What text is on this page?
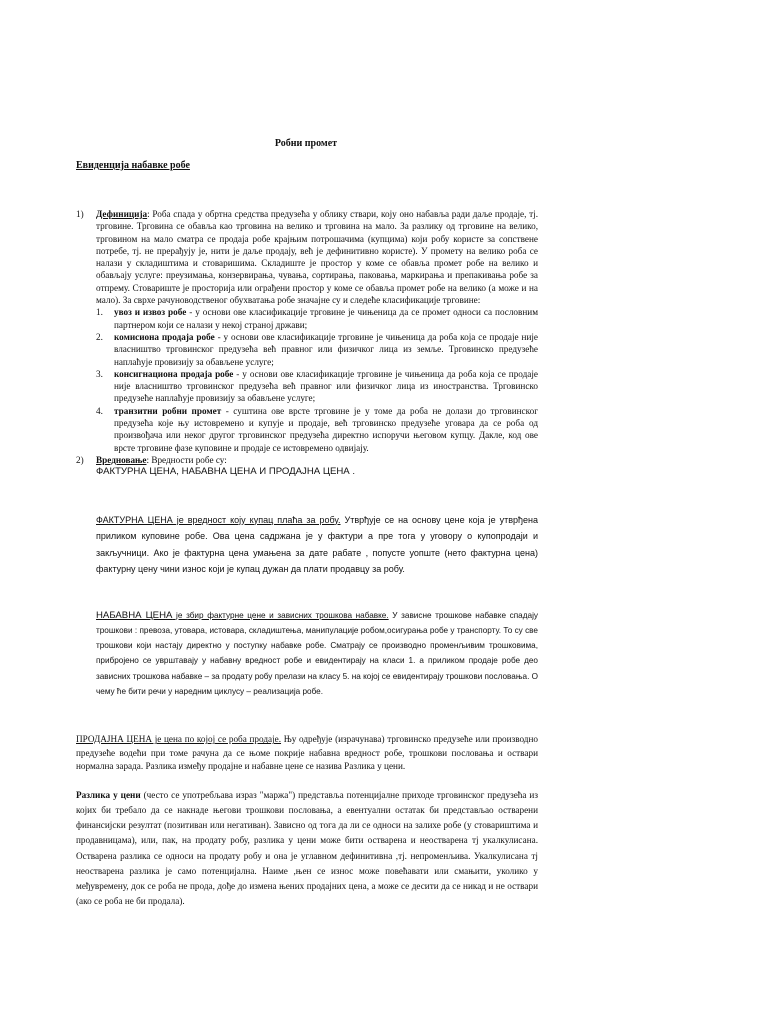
Робни промет
Евиденција набавке робе
1) Дефиниција: Роба спада у обртна средства предузећа у облику ствари, коју оно набавља ради даље продаје, тј. трговине. Трговина се обавља као трговина на велико и трговина на мало. За разлику од трговине на велико, трговином на мало сматра се продаја робе крајњим потрошачима (купцима) који робу користе за сопствене потребе, тј. не прерађују је, нити је даље продају, већ је дефинитивно користе). У промету на велико роба се налази у складиштима и стоваришима. Складиште је простор у коме се обавља промет робе на велико и обављају услуге: преузимања, конзервирања, чувања, сортирања, паковања, маркирања и препакивања робе за отпрему. Стовариште је просторија или ограђени простор у коме се обавља промет робе на велико (а може и на мало). За сврхе рачуноводственог обухватања робе значајне су и следеће класификације трговине:
1. увоз и извоз робе - у основи ове класификације трговине је чињеница да се промет односи са пословним партнером који се налази у некој страној држави;
2. комисиона продаја робе - у основи ове класификације трговине је чињеница да роба која се продаје није власништво трговинског предузећа већ правног или физичког лица из земље. Трговинско предузеће наплаћује провизију за обављене услуге;
3. консигнациона продаја робе - у основи ове класификације трговине је чињеница да роба која се продаје није власништво трговинског предузећа већ правног или физичког лица из иностранства. Трговинско предузеће наплаћује провизију за обављене услуге;
4. транзитни робни промет - суштина ове врсте трговине је у томе да роба не долази до трговинског предузећа које њу истовремено и купује и продаје, већ трговинско предузеће уговара да се роба од произвођача или неког другог трговинског предузећа директно испоручи његовом купцу. Дакле, код ове врсте трговине фазе куповине и продаје се истовремено одвијају.
2) Вредновање: Вредности робе су:
ФАКТУРНА ЦЕНА, НАБАВНА ЦЕНА И ПРОДАЈНА ЦЕНА .

ФАКТУРНА ЦЕНА је вредност коју купац плаћа за робу. Утврђује се на основу цене која је утврђена приликом куповине робе. Ова цена садржана је у фактури а пре тога у уговору о купопродаји и закључници. Ако је фактурна цена умањена за дате рабате , попусте уопште (нето фактурна цена) фактурну цену чини износ који је купац дужан да плати продавцу за робу.

НАБАВНА ЦЕНА је збир фактурне цене и зависних трошкова набавке. У зависне трошкове набавке спадају трошкови : превоза, утовара, истовара, складиштења, манипулације робом,осигурања робе у транспорту. То су све трошкови који настају директно у поступку набавке робе. Сматрају се производно променљивим трошковима, прибројено се уврштавају у набавну вредност робе и евидентирају на класи 1. а приликом продаје робе део зависних трошкова набавке – за продату робу прелази на класу 5. на којој се евидентирају трошкови пословања. О чему ће бити речи у наредним циклусу – реализација робе.

ПРОДАЈНА ЦЕНА је цена по којој се роба продаје. Њу одређује (израчунава) трговинско предузеће или производно предузеће водећи при томе рачуна да се њоме покрије набавна вредност робе, трошкови пословања и оствари нормална зарада. Разлика између продајне и набавне цене се назива Разлика у цени.

Разлика у цени (често се употребљава израз "маржа") представља потенцијалне приходе трговинског предузећа из којих би требало да се накнаде његови трошкови пословања, а евентуални остатак би представљао остварени финансијски резултат (позитиван или негативан). Зависно од тога да ли се односи на залихе робе (у стовариштима и продавницама), или, пак, на продату робу, разлика у цени може бити остварена и неостварена тј укалкулисана. Остварена разлика се односи на продату робу и она је углавном дефинитивна ,тј. непроменљива. Укалкулисана тј неостварена разлика је само потенцијална. Наиме ,њен се износ може повећавати или смањити, уколико у међувремену, док се роба не прода, дође до измена њених продајних цена, а може се десити да се никад и не оствари (ако се роба не би продала).
